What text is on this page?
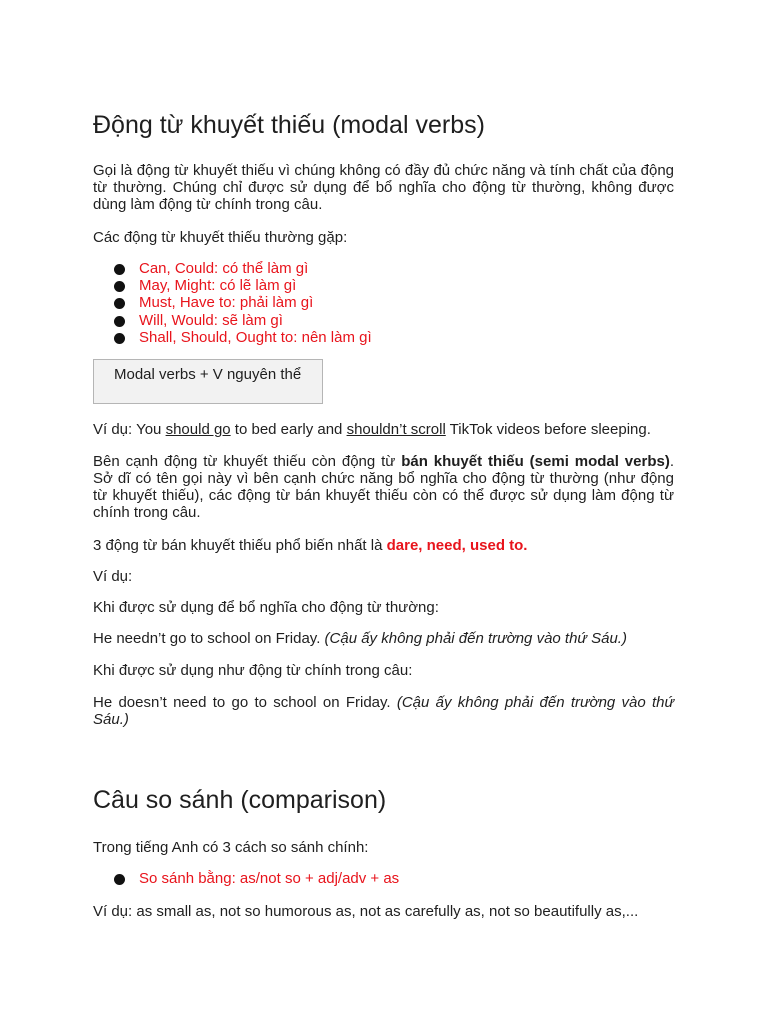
Động từ khuyết thiếu (modal verbs)

Gọi là động từ khuyết thiếu vì chúng không có đầy đủ chức năng và tính chất của động từ thường. Chúng chỉ được sử dụng để bổ nghĩa cho động từ thường, không được dùng làm động từ chính trong câu.

Các động từ khuyết thiếu thường gặp:

Can, Could: có thể làm gì
May, Might: có lẽ làm gì
Must, Have to: phải làm gì
Will, Would: sẽ làm gì
Shall, Should, Ought to: nên làm gì
Modal verbs + V nguyên thể

Ví dụ: You should go to bed early and shouldn’t scroll TikTok videos before sleeping.

Bên cạnh động từ khuyết thiếu còn động từ bán khuyết thiếu (semi modal verbs). Sở dĩ có tên gọi này vì bên cạnh chức năng bổ nghĩa cho động từ thường (như động từ khuyết thiếu), các động từ bán khuyết thiếu còn có thể được sử dụng làm động từ chính trong câu.

3 động từ bán khuyết thiếu phổ biến nhất là dare, need, used to.

Ví dụ:

Khi được sử dụng để bổ nghĩa cho động từ thường:

He needn’t go to school on Friday. (Cậu ấy không phải đến trường vào thứ Sáu.)

Khi được sử dụng như động từ chính trong câu:

He doesn’t need to go to school on Friday. (Cậu ấy không phải đến trường vào thứ Sáu.)

Câu so sánh (comparison)

Trong tiếng Anh có 3 cách so sánh chính:

So sánh bằng: as/not so + adj/adv + as

Ví dụ: as small as, not so humorous as, not as carefully as, not so beautifully as,...
